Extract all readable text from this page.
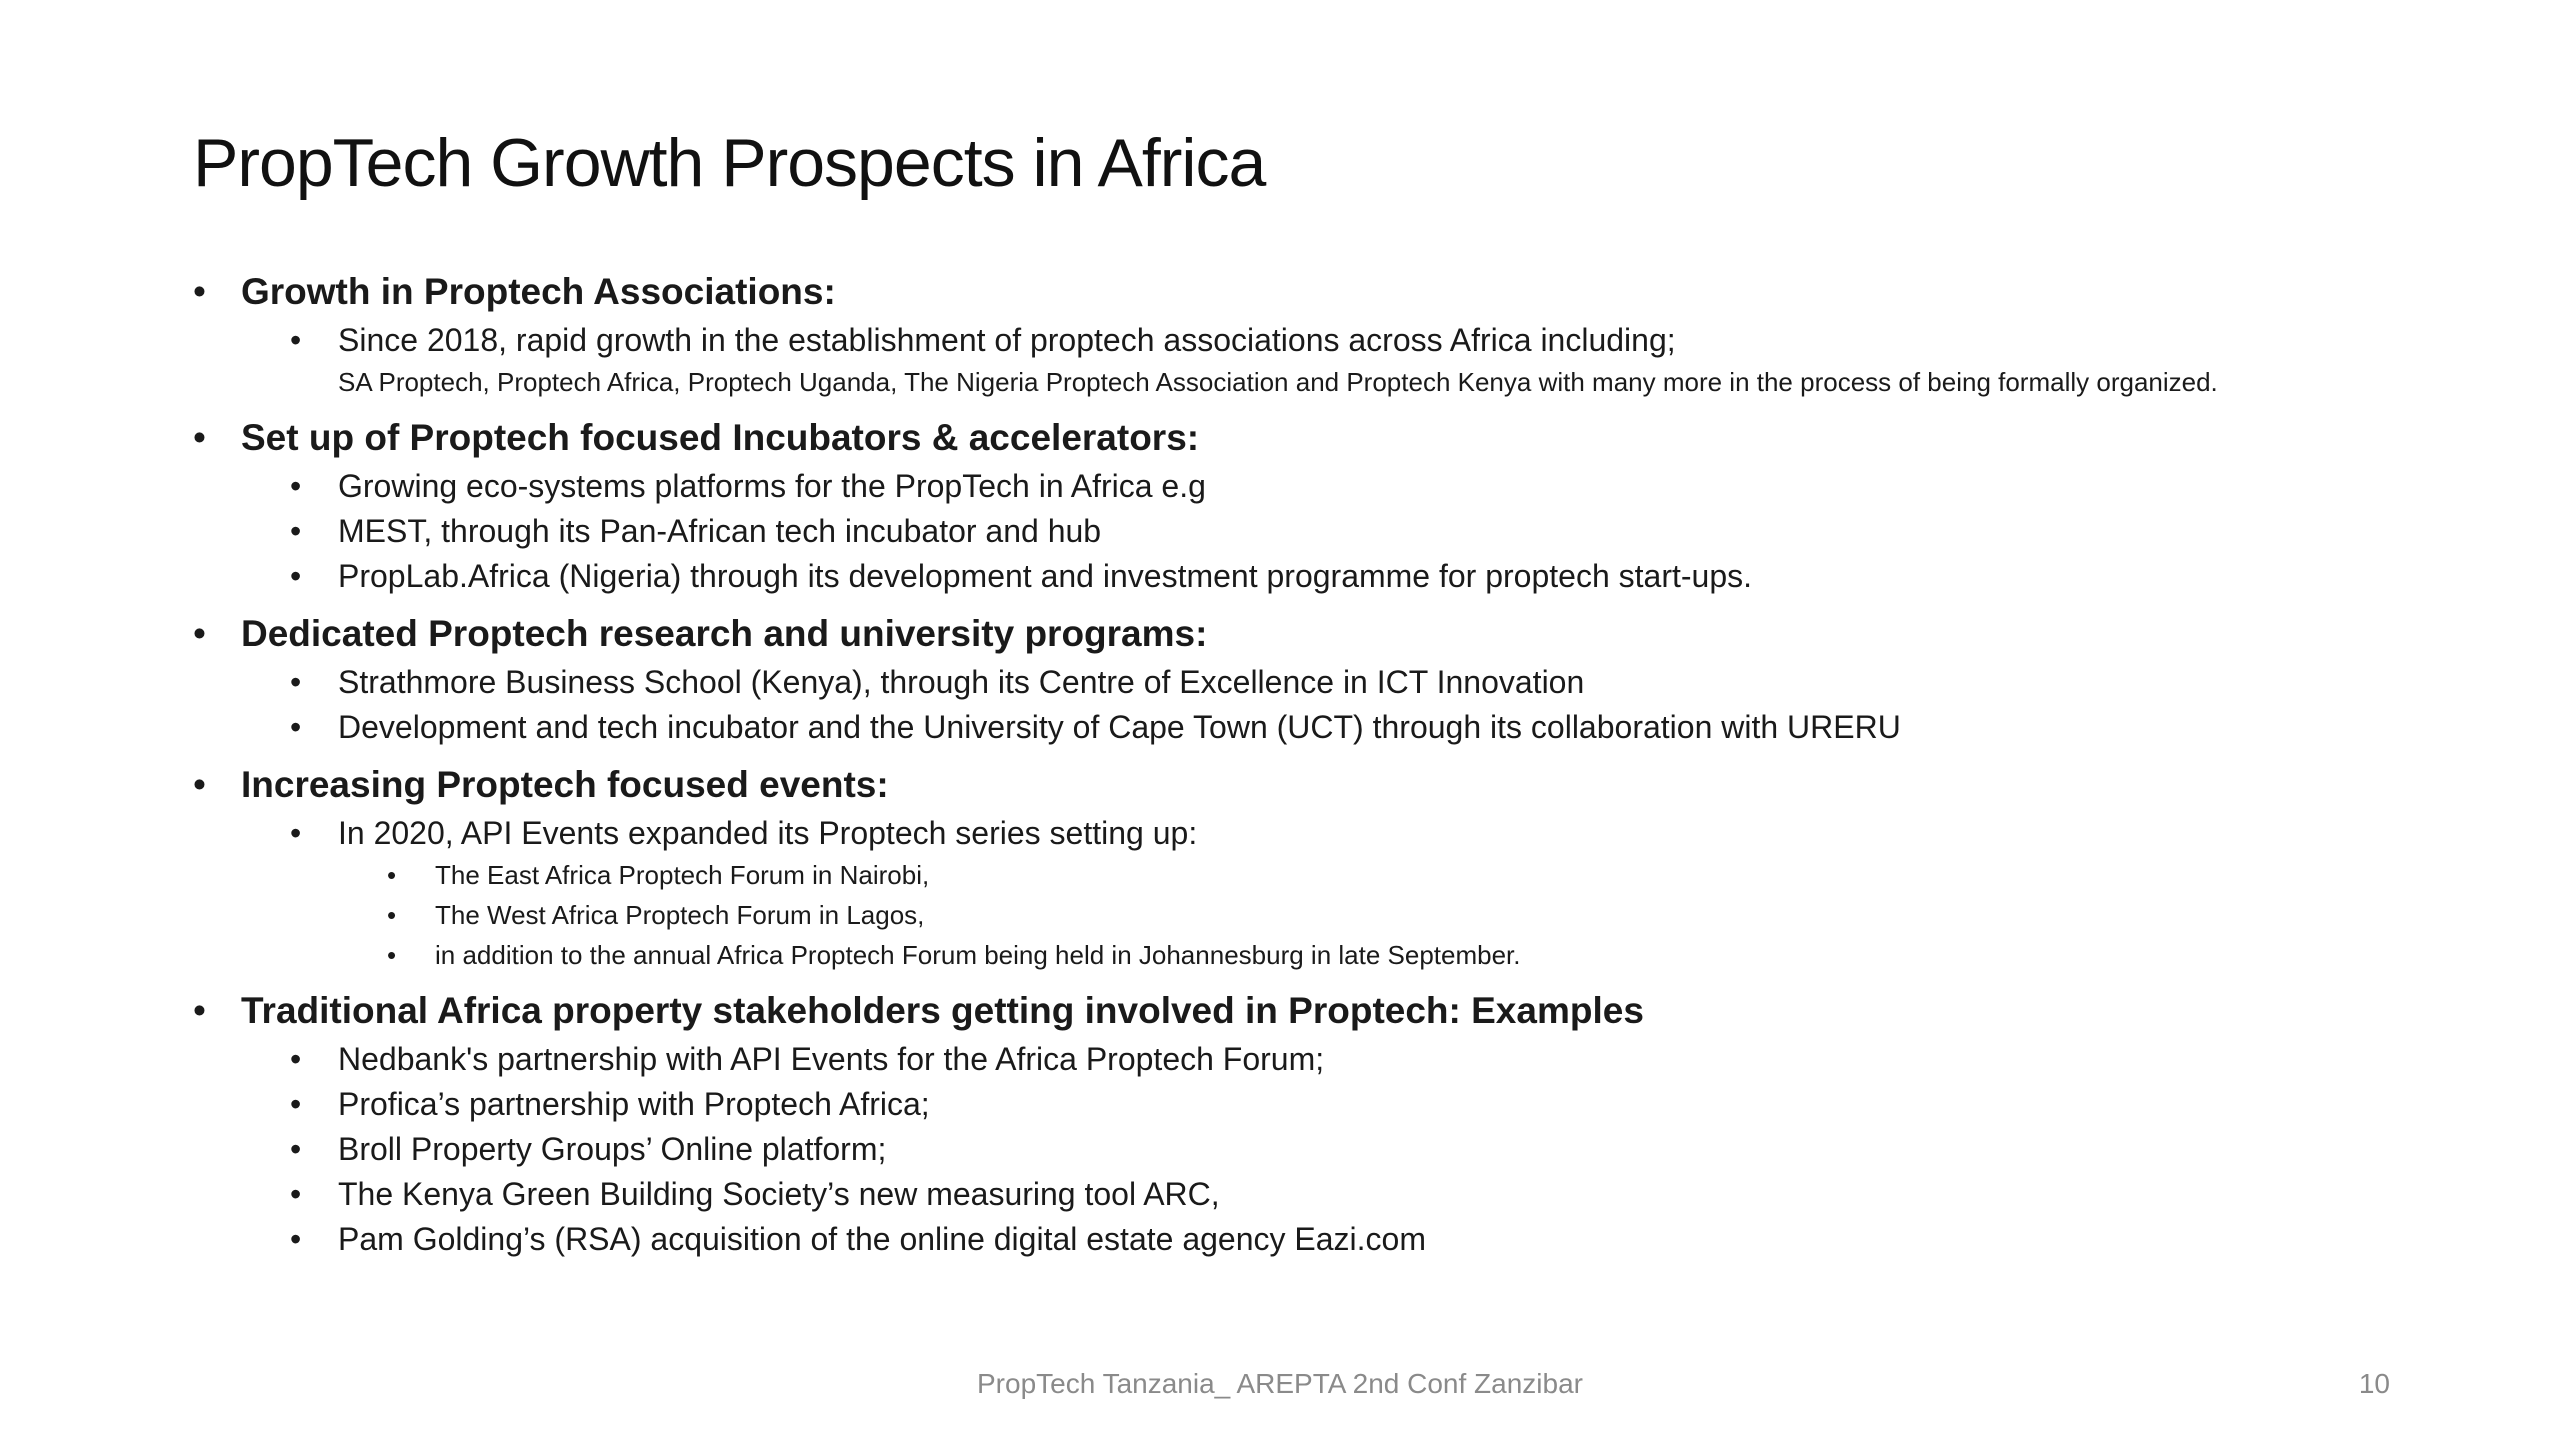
PropTech Growth Prospects in Africa
• Growth in Proptech Associations:
• Since 2018, rapid growth in the establishment of proptech associations across Africa including;
SA Proptech, Proptech Africa, Proptech Uganda, The Nigeria Proptech Association and Proptech Kenya with many more in the process of being formally organized.
• Set up of Proptech focused Incubators & accelerators:
• Growing eco-systems platforms for the PropTech in Africa e.g
• MEST, through its Pan-African tech incubator and hub
• PropLab.Africa (Nigeria) through its development and investment programme for proptech start-ups.
• Dedicated Proptech research and university programs:
• Strathmore Business School (Kenya), through its Centre of Excellence in ICT Innovation
• Development and tech incubator and the University of Cape Town (UCT) through its collaboration with URERU
• Increasing Proptech focused events:
• In 2020, API Events expanded its Proptech series setting up:
• The East Africa Proptech Forum in Nairobi,
• The West Africa Proptech Forum in Lagos,
• in addition to the annual Africa Proptech Forum being held in Johannesburg in late September.
• Traditional Africa property stakeholders getting involved in Proptech: Examples
• Nedbank's partnership with API Events for the Africa Proptech Forum;
• Profica’s partnership with Proptech Africa;
• Broll Property Groups’ Online platform;
• The Kenya Green Building Society’s new measuring tool ARC,
• Pam Golding’s (RSA) acquisition of the online digital estate agency Eazi.com
PropTech Tanzania_ AREPTA 2nd Conf Zanzibar	10
